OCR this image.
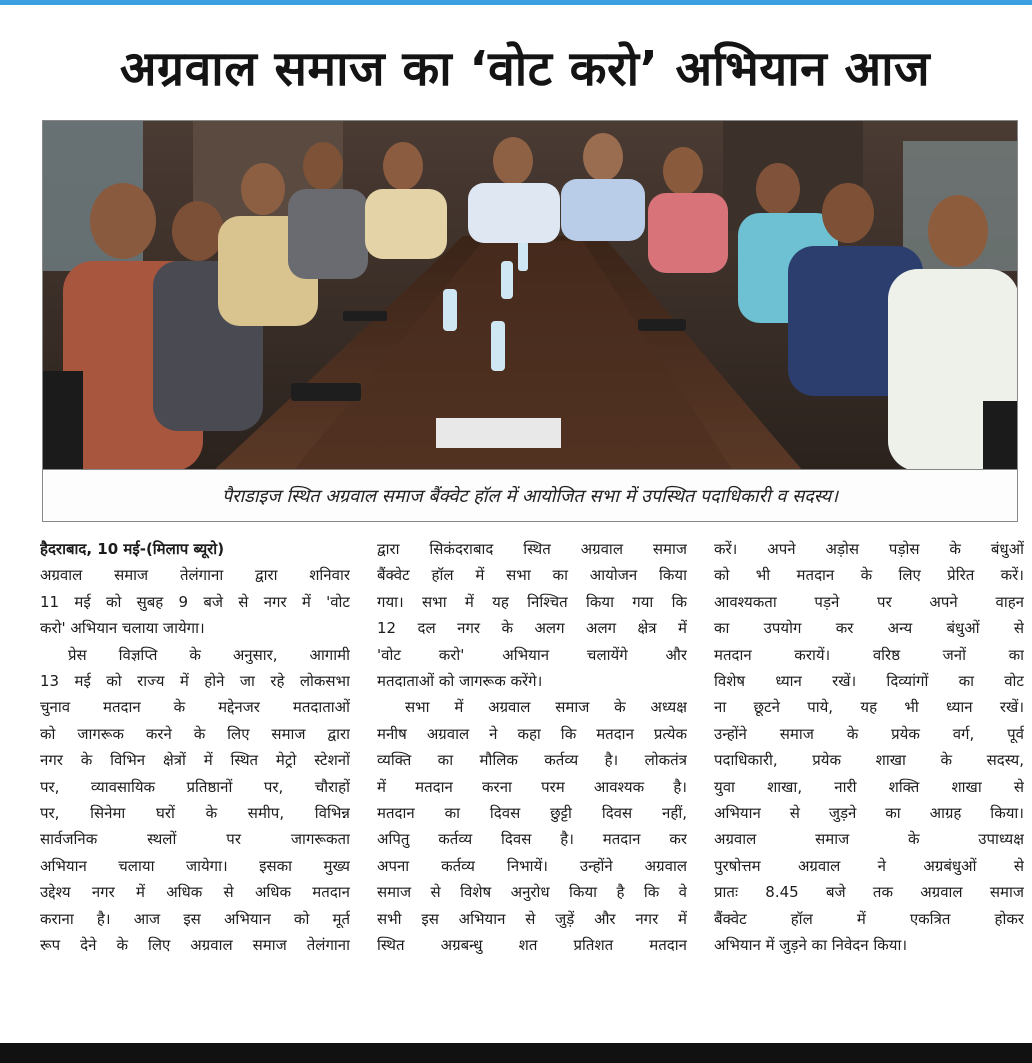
अग्रवाल समाज का ‘वोट करो’ अभियान आज
पैराडाइज स्थित अग्रवाल समाज बैंक्वेट हॉल में आयोजित सभा में उपस्थित पदाधिकारी व सदस्य।
हैदराबाद, 10 मई-(मिलाप ब्यूरो)
अग्रवाल समाज तेलंगाना द्वारा शनिवार
11 मई को सुबह 9 बजे से नगर में 'वोट
करो' अभियान चलाया जायेगा।
प्रेस विज्ञप्ति के अनुसार, आगामी
13 मई को राज्य में होने जा रहे लोकसभा
चुनाव मतदान के मद्देनजर मतदाताओं
को जागरूक करने के लिए समाज द्वारा
नगर के विभिन क्षेत्रों में स्थित मेट्रो स्टेशनों
पर, व्यावसायिक प्रतिष्ठानों पर, चौराहों
पर, सिनेमा घरों के समीप, विभिन्न
सार्वजनिक स्थलों पर जागरूकता
अभियान चलाया जायेगा। इसका मुख्य
उद्देश्य नगर में अधिक से अधिक मतदान
कराना है। आज इस अभियान को मूर्त
रूप देने के लिए अग्रवाल समाज तेलंगाना
द्वारा सिकंदराबाद स्थित अग्रवाल समाज
बैंक्वेट हॉल में सभा का आयोजन किया
गया। सभा में यह निश्चित किया गया कि
12 दल नगर के अलग अलग क्षेत्र में
'वोट करो' अभियान चलायेंगे और
मतदाताओं को जागरूक करेंगे।
सभा में अग्रवाल समाज के अध्यक्ष
मनीष अग्रवाल ने कहा कि मतदान प्रत्येक
व्यक्ति का मौलिक कर्तव्य है। लोकतंत्र
में मतदान करना परम आवश्यक है।
मतदान का दिवस छुट्टी दिवस नहीं,
अपितु कर्तव्य दिवस है। मतदान कर
अपना कर्तव्य निभायें। उन्होंने अग्रवाल
समाज से विशेष अनुरोध किया है कि वे
सभी इस अभियान से जुड़ें और नगर में
स्थित अग्रबन्धु शत प्रतिशत मतदान
करें। अपने अड़ोस पड़ोस के बंधुओं
को भी मतदान के लिए प्रेरित करें।
आवश्यकता पड़ने पर अपने वाहन
का उपयोग कर अन्य बंधुओं से
मतदान करायें। वरिष्ठ जनों का
विशेष ध्यान रखें। दिव्यांगों का वोट
ना छूटने पाये, यह भी ध्यान रखें।
उन्होंने समाज के प्रयेक वर्ग, पूर्व
पदाधिकारी, प्रयेक शाखा के सदस्य,
युवा शाखा, नारी शक्ति शाखा से
अभियान से जुड़ने का आग्रह किया।
अग्रवाल समाज के उपाध्यक्ष
पुरषोत्तम अग्रवाल ने अग्रबंधुओं से
प्रातः 8.45 बजे तक अग्रवाल समाज
बैंक्वेट हॉल में एकत्रित होकर
अभियान में जुड़ने का निवेदन किया।
